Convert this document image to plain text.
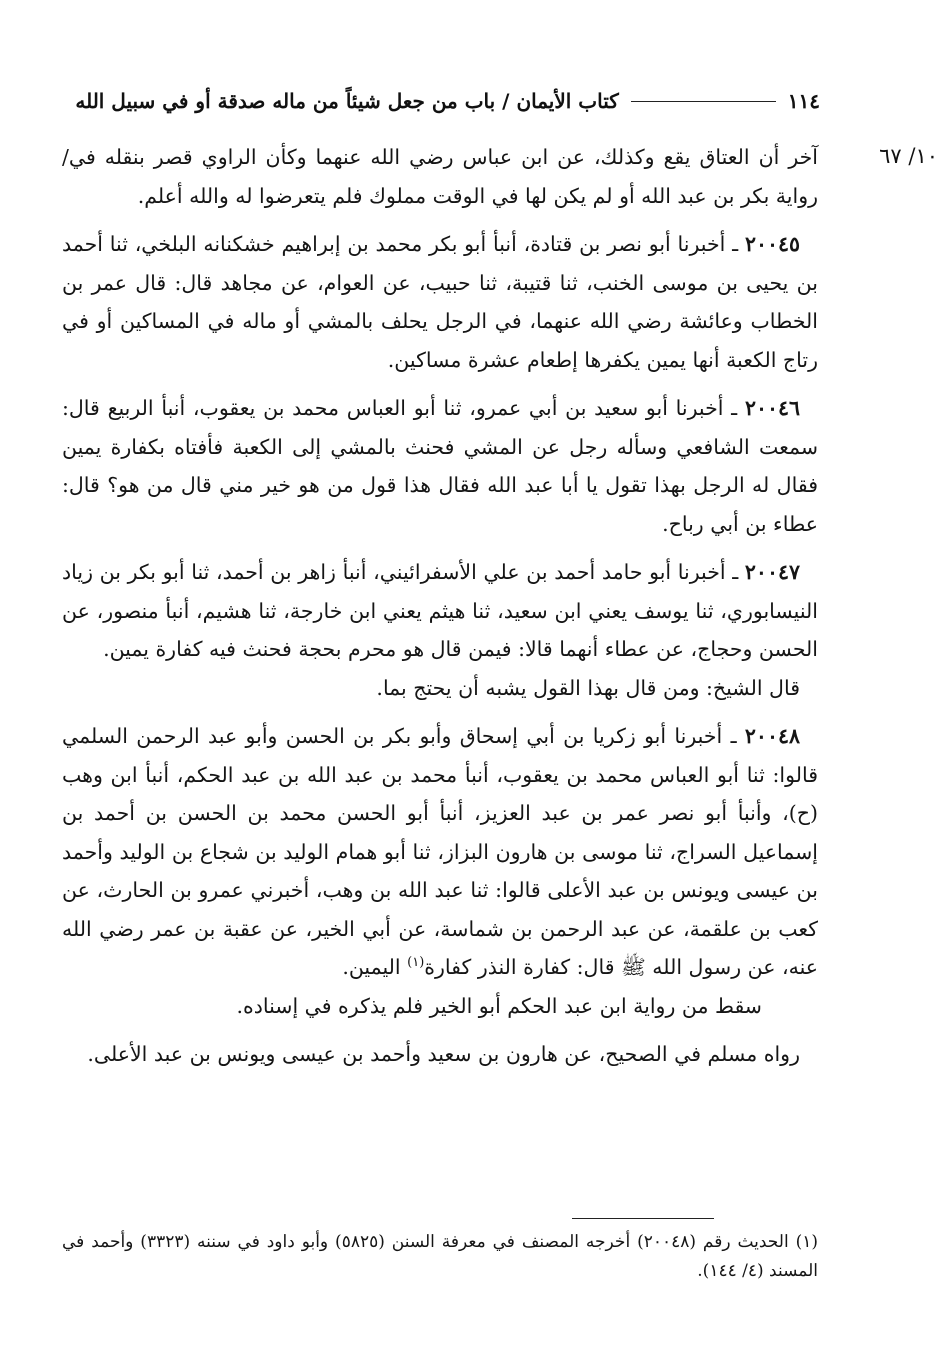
١١٤
كتاب الأيمان / باب من جعل شيئاً من ماله صدقة أو في سبيل الله
١٠/ ٦٧

آخر أن العتاق يقع وكذلك، عن ابن عباس رضي الله عنهما وكأن الراوي قصر بنقله في/ رواية بكر بن عبد الله أو لم يكن لها في الوقت مملوك فلم يتعرضوا له والله أعلم.

٢٠٠٤٥ ـ أخبرنا أبو نصر بن قتادة، أنبأ أبو بكر محمد بن إبراهيم خشكنانه البلخي، ثنا أحمد بن يحيى بن موسى الخنب، ثنا قتيبة، ثنا حبيب، عن العوام، عن مجاهد قال: قال عمر بن الخطاب وعائشة رضي الله عنهما، في الرجل يحلف بالمشي أو ماله في المساكين أو في رتاج الكعبة أنها يمين يكفرها إطعام عشرة مساكين.

٢٠٠٤٦ ـ أخبرنا أبو سعيد بن أبي عمرو، ثنا أبو العباس محمد بن يعقوب، أنبأ الربيع قال: سمعت الشافعي وسأله رجل عن المشي فحنث بالمشي إلى الكعبة فأفتاه بكفارة يمين فقال له الرجل بهذا تقول يا أبا عبد الله فقال هذا قول من هو خير مني قال من هو؟ قال: عطاء بن أبي رباح.

٢٠٠٤٧ ـ أخبرنا أبو حامد أحمد بن علي الأسفرائيني، أنبأ زاهر بن أحمد، ثنا أبو بكر بن زياد النيسابوري، ثنا يوسف يعني ابن سعيد، ثنا هيثم يعني ابن خارجة، ثنا هشيم، أنبأ منصور، عن الحسن وحجاج، عن عطاء أنهما قالا: فيمن قال هو محرم بحجة فحنث فيه كفارة يمين.

قال الشيخ: ومن قال بهذا القول يشبه أن يحتج بما.

٢٠٠٤٨ ـ أخبرنا أبو زكريا بن أبي إسحاق وأبو بكر بن الحسن وأبو عبد الرحمن السلمي قالوا: ثنا أبو العباس محمد بن يعقوب، أنبأ محمد بن عبد الله بن عبد الحكم، أنبأ ابن وهب (ح)، وأنبأ أبو نصر عمر بن عبد العزيز، أنبأ أبو الحسن محمد بن الحسن بن أحمد بن إسماعيل السراج، ثنا موسى بن هارون البزاز، ثنا أبو همام الوليد بن شجاع بن الوليد وأحمد بن عيسى ويونس بن عبد الأعلى قالوا: ثنا عبد الله بن وهب، أخبرني عمرو بن الحارث، عن كعب بن علقمة، عن عبد الرحمن بن شماسة، عن أبي الخير، عن عقبة بن عمر رضي الله عنه، عن رسول الله ﷺ قال: كفارة النذر كفارة$^{(١)}$ اليمين.

سقط من رواية ابن عبد الحكم أبو الخير فلم يذكره في إسناده.

رواه مسلم في الصحيح، عن هارون بن سعيد وأحمد بن عيسى ويونس بن عبد الأعلى.

(١) الحديث رقم (٢٠٠٤٨) أخرجه المصنف في معرفة السنن (٥٨٢٥) وأبو داود في سننه (٣٣٢٣) وأحمد في المسند (٤/ ١٤٤).
